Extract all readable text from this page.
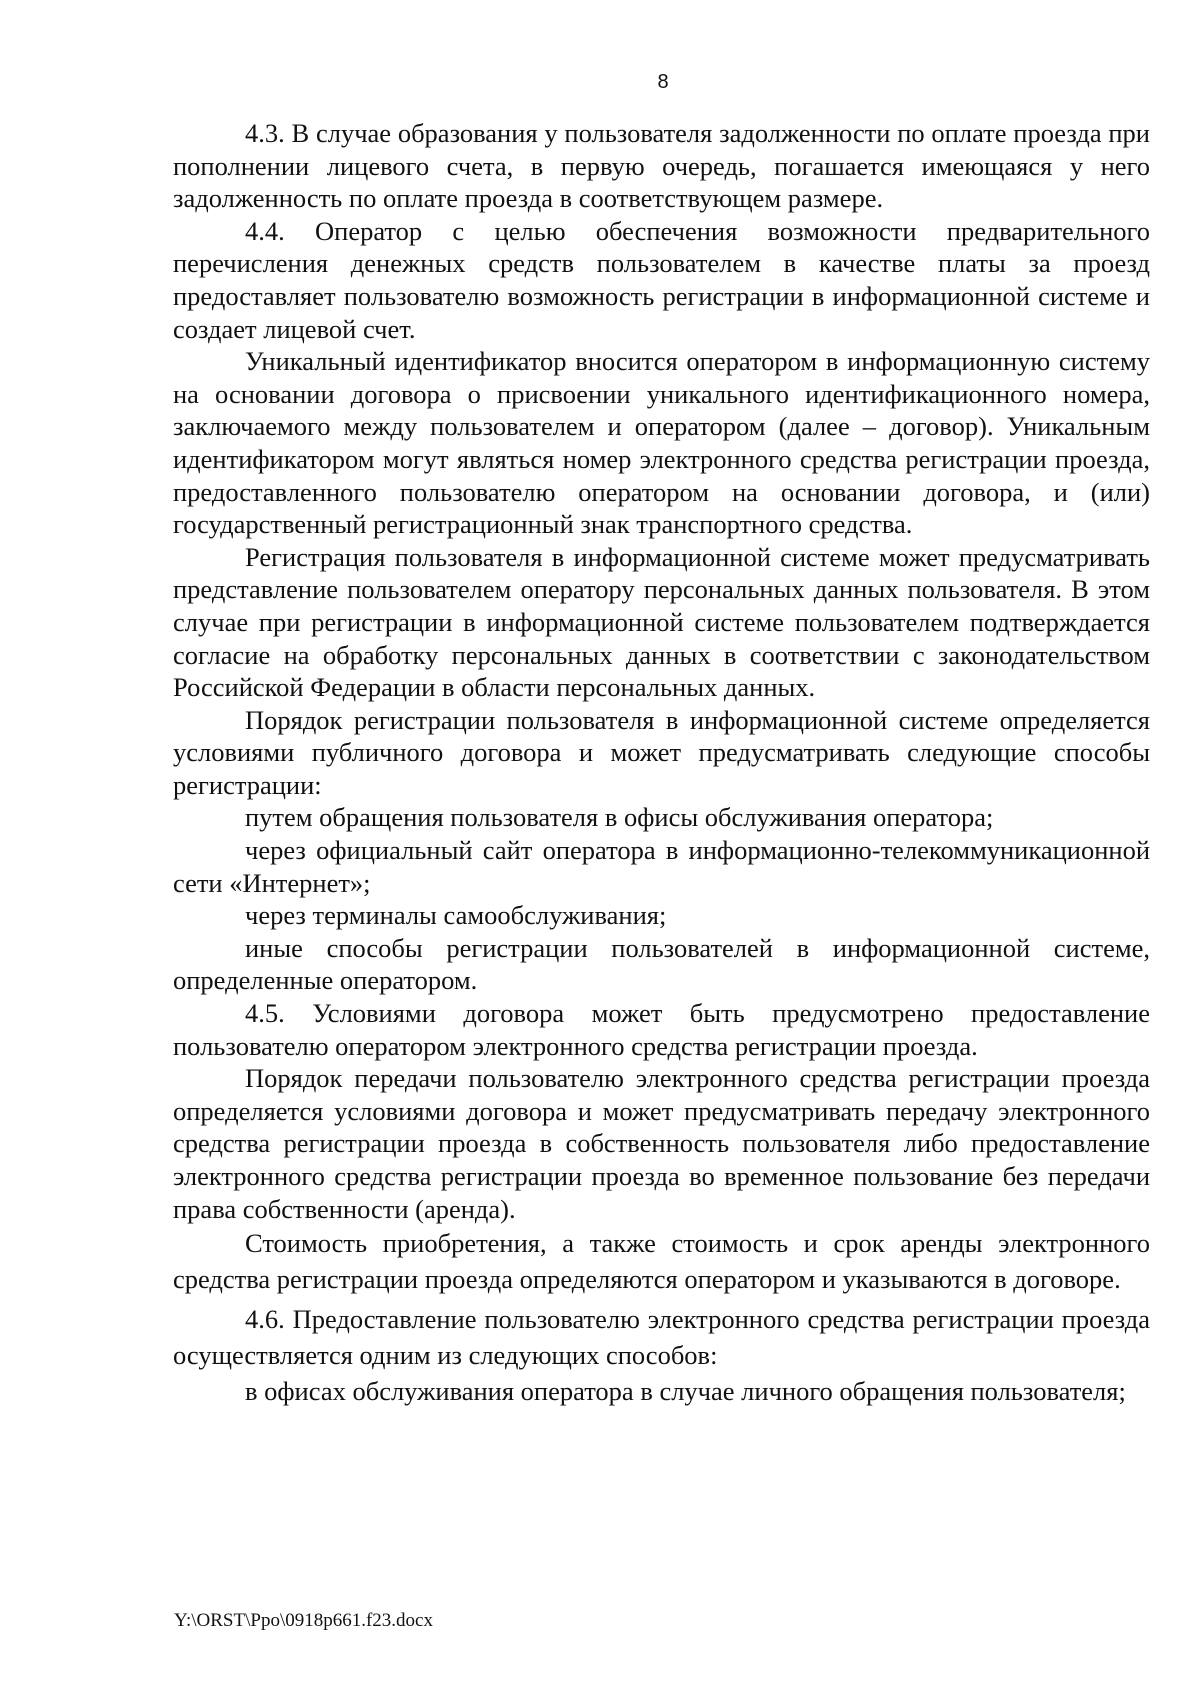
8

4.3. В случае образования у пользователя задолженности по оплате проезда при пополнении лицевого счета, в первую очередь, погашается имеющаяся у него задолженность по оплате проезда в соответствующем размере.

4.4. Оператор с целью обеспечения возможности предварительного перечисления денежных средств пользователем в качестве платы за проезд предоставляет пользователю возможность регистрации в информационной системе и создает лицевой счет.

Уникальный идентификатор вносится оператором в информационную систему на основании договора о присвоении уникального идентификационного номера, заключаемого между пользователем и оператором (далее – договор). Уникальным идентификатором могут являться номер электронного средства регистрации проезда, предоставленного пользователю оператором на основании договора, и (или) государственный регистрационный знак транспортного средства.

Регистрация пользователя в информационной системе может предусматривать представление пользователем оператору персональных данных пользователя. В этом случае при регистрации в информационной системе пользователем подтверждается согласие на обработку персональных данных в соответствии с законодательством Российской Федерации в области персональных данных.

Порядок регистрации пользователя в информационной системе определяется условиями публичного договора и может предусматривать следующие способы регистрации:

путем обращения пользователя в офисы обслуживания оператора;

через официальный сайт оператора в информационно-телекоммуникационной сети «Интернет»;

через терминалы самообслуживания;

иные способы регистрации пользователей в информационной системе, определенные оператором.

4.5. Условиями договора может быть предусмотрено предоставление пользователю оператором электронного средства регистрации проезда.

Порядок передачи пользователю электронного средства регистрации проезда определяется условиями договора и может предусматривать передачу электронного средства регистрации проезда в собственность пользователя либо предоставление электронного средства регистрации проезда во временное пользование без передачи права собственности (аренда).

Стоимость приобретения, а также стоимость и срок аренды электронного средства регистрации проезда определяются оператором и указываются в договоре.

4.6. Предоставление пользователю электронного средства регистрации проезда осуществляется одним из следующих способов:

в офисах обслуживания оператора в случае личного обращения пользователя;

Y:\ORST\Ppo\0918p661.f23.docx
